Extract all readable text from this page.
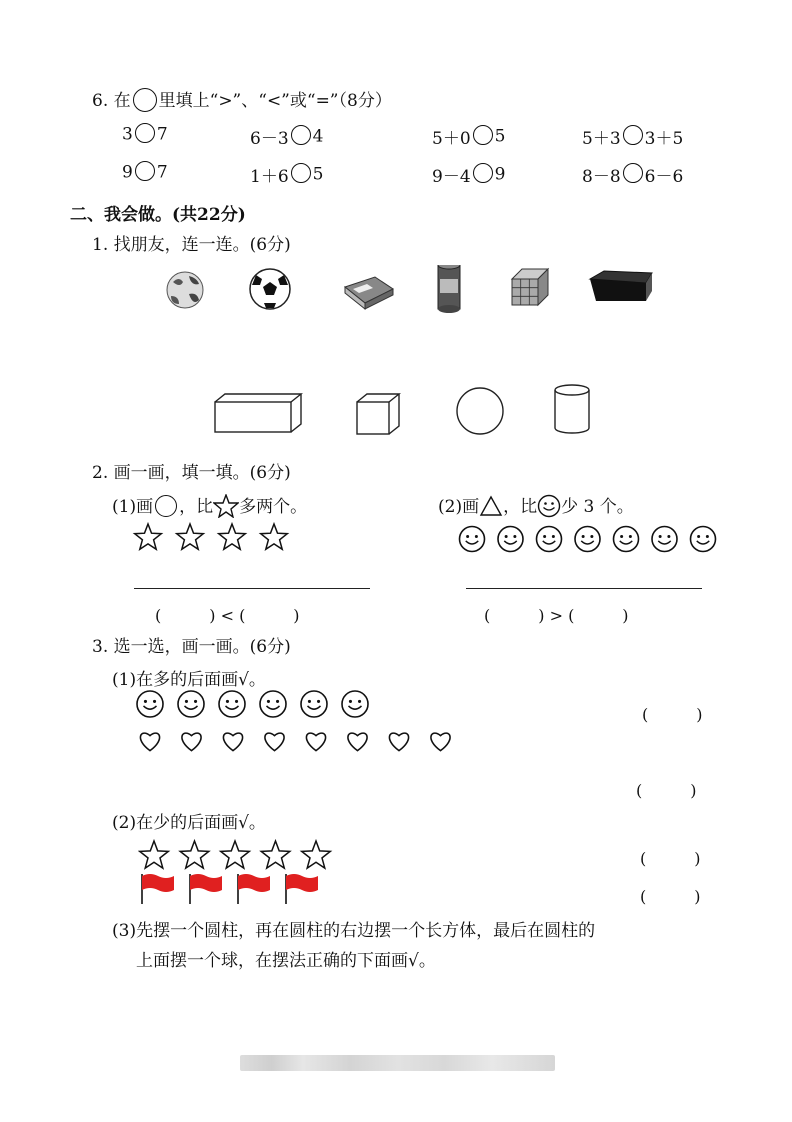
6. 在 里填上“>”、“<”或“=”（8分）
3 7	6－3 4	5＋0 5	5＋3 3＋5
9 7	1＋6 5	9－4 9	8－8 6－6
二、我会做。(共22分)
1. 找朋友，连一连。(6分)
2. 画一画，填一填。(6分)
(1)画 ，比 多两个。	(2)画 ，比 少 3 个。
(　　　) < (　　　)	(　　　) > (　　　)
3. 选一选，画一画。(6分)
(1)在多的后面画√。
(　　　)
(　　　)
(2)在少的后面画√。
(　　　)
(　　　)
(3)先摆一个圆柱，再在圆柱的右边摆一个长方体，最后在圆柱的
上面摆一个球，在摆法正确的下面画√。
